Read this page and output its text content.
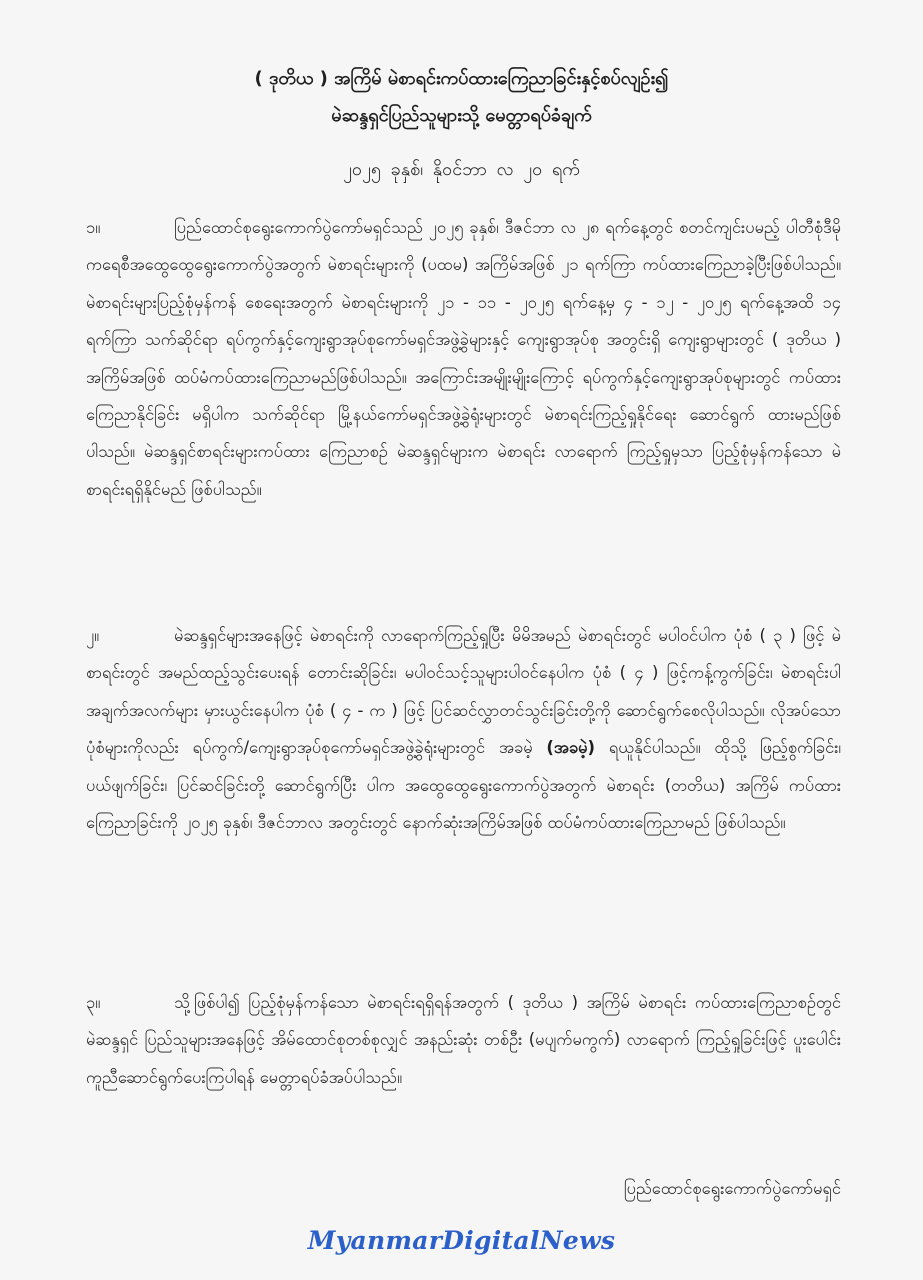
( ဒုတိယ ) အကြိမ် မဲစာရင်းကပ်ထားကြေညာခြင်းနှင့်စပ်လျဉ်း၍
မဲဆန္ဒရှင်ပြည်သူများသို့ မေတ္တာရပ်ခံချက်
၂၀၂၅ ခုနှစ်၊ နိုဝင်ဘာ လ ၂၀ ရက်
၁။	ပြည်ထောင်စုရွေးကောက်ပွဲကော်မရှင်သည် ၂၀၂၅ ခုနှစ်၊ ဒီဇင်ဘာ လ ၂၈ ရက်နေ့တွင် စတင်ကျင်းပမည့် ပါတီစုံဒီမိုကရေစီအထွေထွေရွေးကောက်ပွဲအတွက် မဲစာရင်းများကို (ပထမ) အကြိမ်အဖြစ် ၂၁ ရက်ကြာ ကပ်ထားကြေညာခဲ့ပြီးဖြစ်ပါသည်။ မဲစာရင်းများပြည့်စုံမှန်ကန် စေရေးအတွက် မဲစာရင်းများကို ၂၁ - ၁၁ - ၂၀၂၅ ရက်နေ့မှ ၄ - ၁၂ - ၂၀၂၅ ရက်နေ့အထိ ၁၄ ရက်ကြာ သက်ဆိုင်ရာ ရပ်ကွက်နှင့်ကျေးရွာအုပ်စုကော်မရှင်အဖွဲ့ခွဲများနှင့် ကျေးရွာအုပ်စု အတွင်းရှိ ကျေးရွာများတွင် ( ဒုတိယ ) အကြိမ်အဖြစ် ထပ်မံကပ်ထားကြေညာမည်ဖြစ်ပါသည်။ အကြောင်းအမျိုးမျိုးကြောင့် ရပ်ကွက်နှင့်ကျေးရွာအုပ်စုများတွင် ကပ်ထားကြေညာနိုင်ခြင်း မရှိပါက သက်ဆိုင်ရာ မြို့နယ်ကော်မရှင်အဖွဲ့ခွဲရုံးများတွင် မဲစာရင်းကြည့်ရှုနိုင်ရေး ဆောင်ရွက် ထားမည်ဖြစ်ပါသည်။ မဲဆန္ဒရှင်စာရင်းများကပ်ထား ကြေညာစဉ် မဲဆန္ဒရှင်များက မဲစာရင်း လာရောက် ကြည့်ရှုမှသာ ပြည့်စုံမှန်ကန်သော မဲစာရင်းရရှိနိုင်မည် ဖြစ်ပါသည်။
၂။	မဲဆန္ဒရှင်များအနေဖြင့် မဲစာရင်းကို လာရောက်ကြည့်ရှုပြီး မိမိအမည် မဲစာရင်းတွင် မပါဝင်ပါက ပုံစံ ( ၃ ) ဖြင့် မဲစာရင်းတွင် အမည်ထည့်သွင်းပေးရန် တောင်းဆိုခြင်း၊ မပါဝင်သင့်သူများပါဝင်နေပါက ပုံစံ ( ၄ ) ဖြင့်ကန့်ကွက်ခြင်း၊ မဲစာရင်းပါ အချက်အလက်များ မှားယွင်းနေပါက ပုံစံ ( ၄ - က ) ဖြင့် ပြင်ဆင်လွှာတင်သွင်းခြင်းတို့ကို ဆောင်ရွက်စေလိုပါသည်။ လိုအပ်သောပုံစံများကိုလည်း ရပ်ကွက်/ကျေးရွာအုပ်စုကော်မရှင်အဖွဲ့ခွဲရုံးများတွင် အခမဲ့ (အခမဲ့) ရယူနိုင်ပါသည်။ ထိုသို့ ဖြည့်စွက်ခြင်း၊ ပယ်ဖျက်ခြင်း၊ ပြင်ဆင်ခြင်းတို့ ဆောင်ရွက်ပြီး ပါက အထွေထွေရွေးကောက်ပွဲအတွက် မဲစာရင်း (တတိယ) အကြိမ် ကပ်ထားကြေညာခြင်းကို ၂၀၂၅ ခုနှစ်၊ ဒီဇင်ဘာလ အတွင်းတွင် နောက်ဆုံးအကြိမ်အဖြစ် ထပ်မံကပ်ထားကြေညာမည် ဖြစ်ပါသည်။
၃။	သို့ဖြစ်ပါ၍ ပြည့်စုံမှန်ကန်သော မဲစာရင်းရရှိရန်အတွက် ( ဒုတိယ ) အကြိမ် မဲစာရင်း ကပ်ထားကြေညာစဉ်တွင် မဲဆန္ဒရှင် ပြည်သူများအနေဖြင့် အိမ်ထောင်စုတစ်စုလျှင် အနည်းဆုံး တစ်ဦး (မပျက်မကွက်) လာရောက် ကြည့်ရှုခြင်းဖြင့် ပူးပေါင်းကူညီဆောင်ရွက်ပေးကြပါရန် မေတ္တာရပ်ခံအပ်ပါသည်။
ပြည်ထောင်စုရွေးကောက်ပွဲကော်မရှင်
MyanmarDigitalNews
